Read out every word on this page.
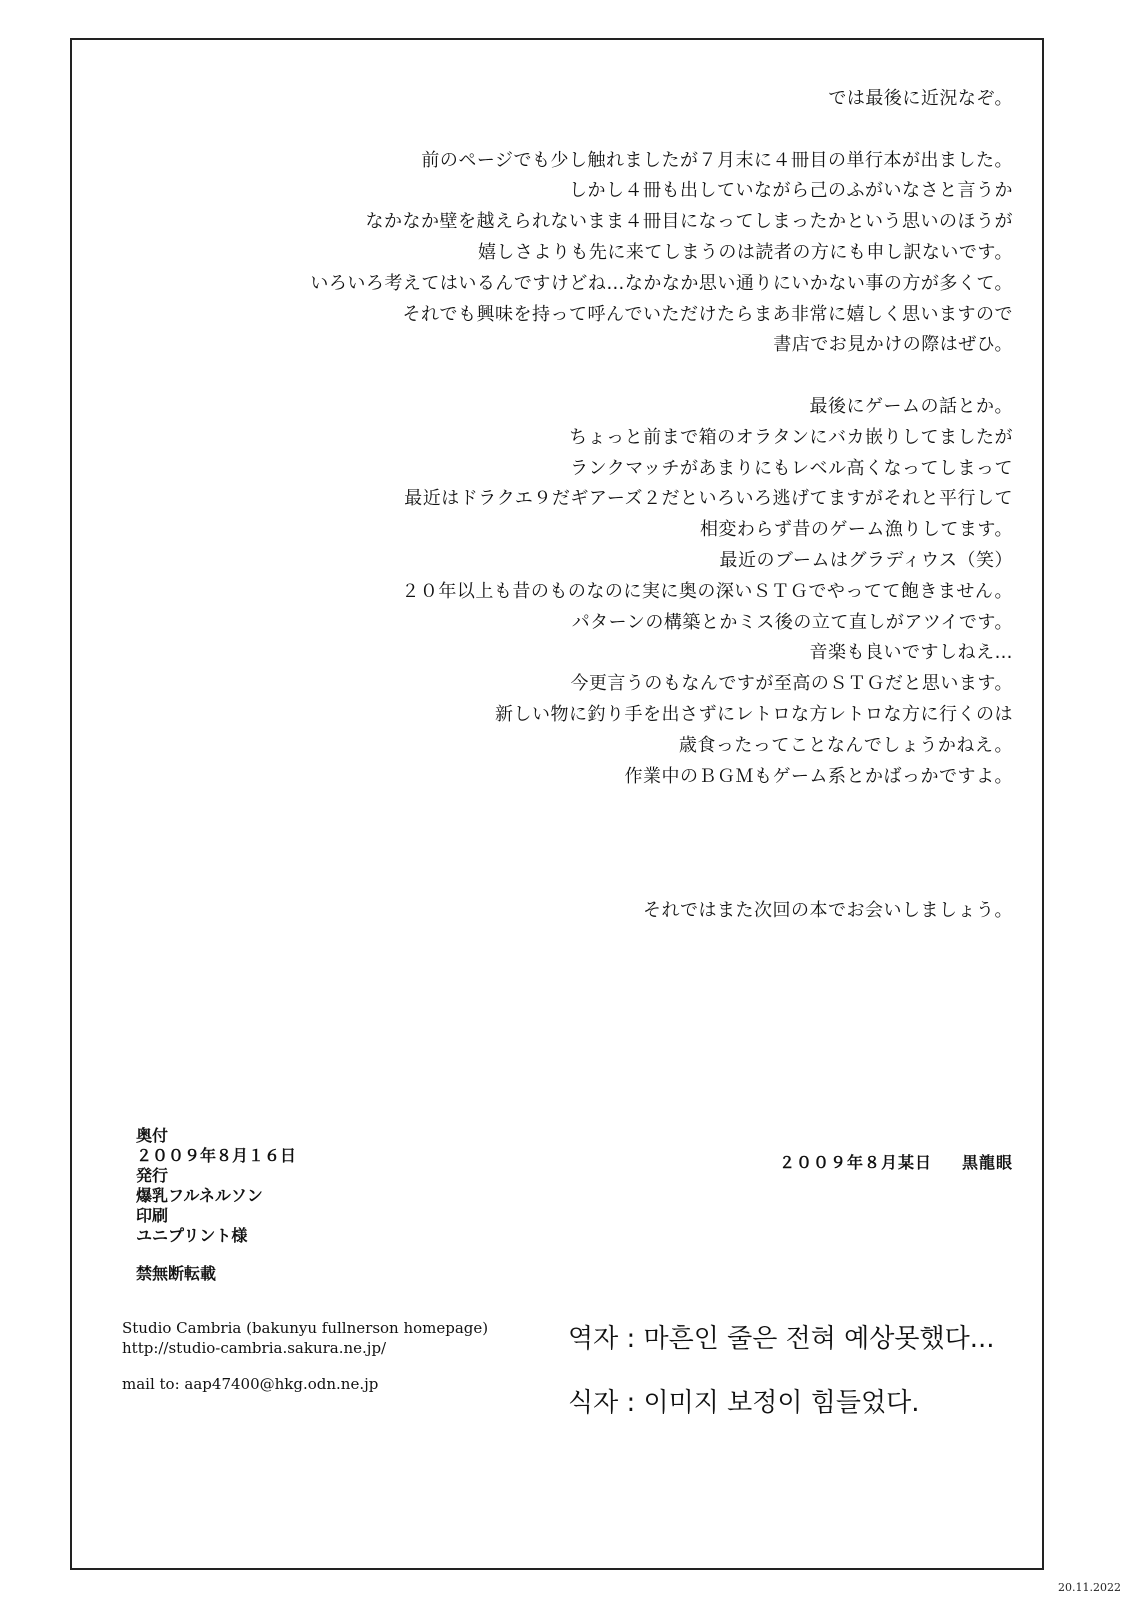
では最後に近況なぞ。
前のページでも少し触れましたが７月末に４冊目の単行本が出ました。
しかし４冊も出していながら己のふがいなさと言うか
なかなか壁を越えられないまま４冊目になってしまったかという思いのほうが
嬉しさよりも先に来てしまうのは読者の方にも申し訳ないです。
いろいろ考えてはいるんですけどね…なかなか思い通りにいかない事の方が多くて。
それでも興味を持って呼んでいただけたらまあ非常に嬉しく思いますので
書店でお見かけの際はぜひ。
最後にゲームの話とか。
ちょっと前まで箱のオラタンにバカ嵌りしてましたが
ランクマッチがあまりにもレベル高くなってしまって
最近はドラクエ９だギアーズ２だといろいろ逃げてますがそれと平行して
相変わらず昔のゲーム漁りしてます。
最近のブームはグラディウス（笑）
２０年以上も昔のものなのに実に奥の深いＳＴＧでやってて飽きません。
パターンの構築とかミス後の立て直しがアツイです。
音楽も良いですしねえ…
今更言うのもなんですが至高のＳＴＧだと思います。
新しい物に釣り手を出さずにレトロな方レトロな方に行くのは
歳食ったってことなんでしょうかねえ。
作業中のＢＧＭもゲーム系とかばっかですよ。
それではまた次回の本でお会いしましょう。
奥付
２００９年８月１６日
発行
爆乳フルネルソン
印刷
ユニプリント様
禁無断転載
２００９年８月某日 黒龍眼
Studio Cambria (bakunyu fullnerson homepage)
http://studio-cambria.sakura.ne.jp/
mail to: aap47400@hkg.odn.ne.jp
역자 : 마흔인 줄은 전혀 예상못했다...
식자 : 이미지 보정이 힘들었다.
20.11.2022
